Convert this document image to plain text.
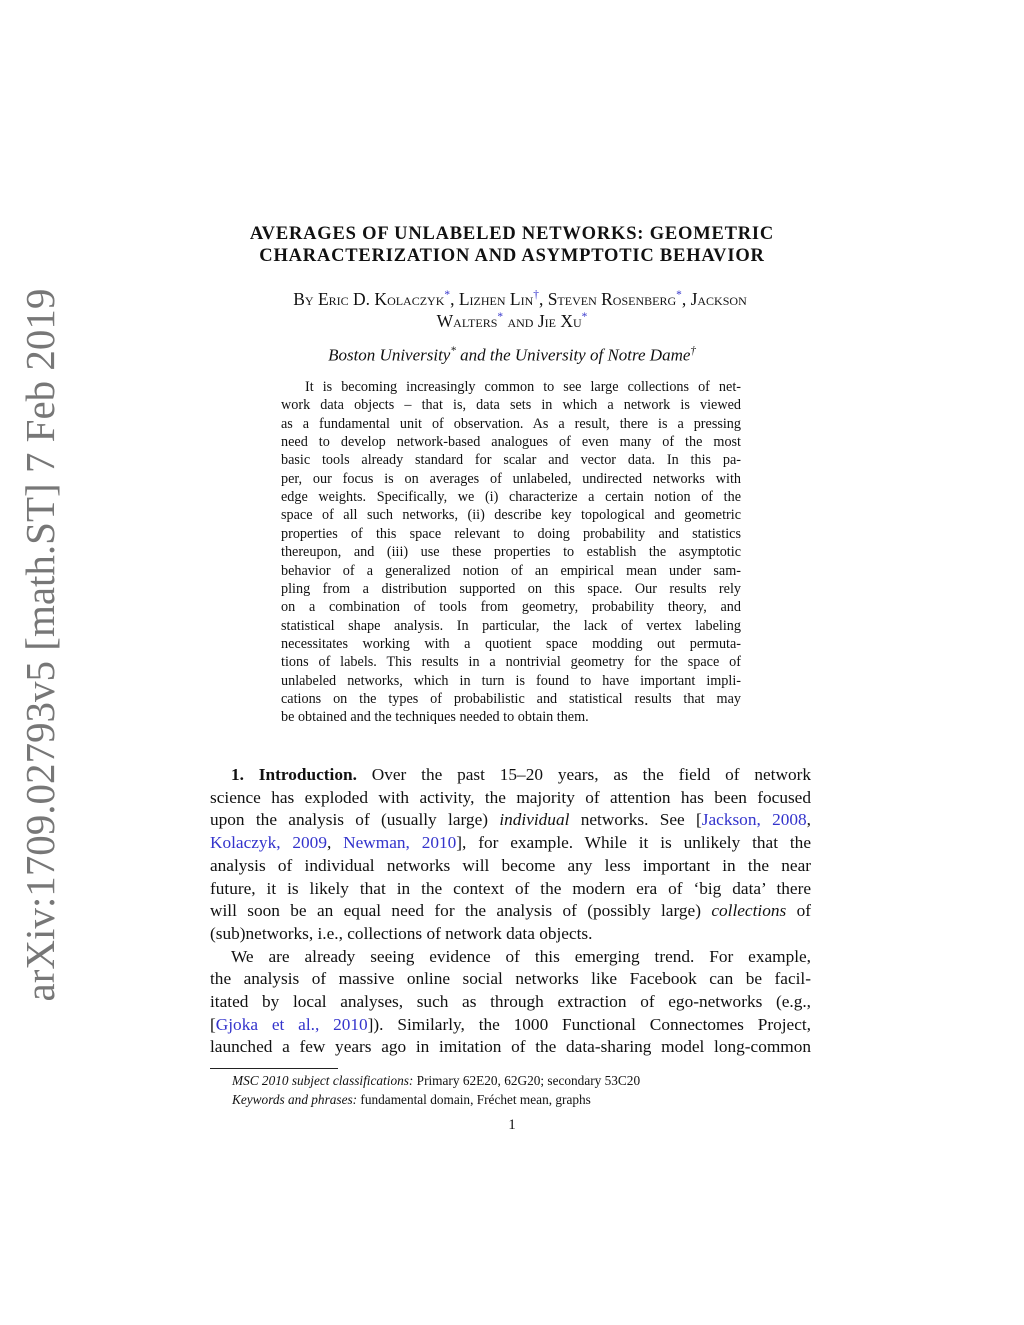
arXiv:1709.02793v5 [math.ST] 7 Feb 2019
AVERAGES OF UNLABELED NETWORKS: GEOMETRIC
CHARACTERIZATION AND ASYMPTOTIC BEHAVIOR
By Eric D. Kolaczyk*, Lizhen Lin†, Steven Rosenberg*, Jackson
Walters* and Jie Xu*
Boston University* and the University of Notre Dame†
It is becoming increasingly common to see large collections of net-
work data objects – that is, data sets in which a network is viewed
as a fundamental unit of observation. As a result, there is a pressing
need to develop network-based analogues of even many of the most
basic tools already standard for scalar and vector data. In this pa-
per, our focus is on averages of unlabeled, undirected networks with
edge weights. Specifically, we (i) characterize a certain notion of the
space of all such networks, (ii) describe key topological and geometric
properties of this space relevant to doing probability and statistics
thereupon, and (iii) use these properties to establish the asymptotic
behavior of a generalized notion of an empirical mean under sam-
pling from a distribution supported on this space. Our results rely
on a combination of tools from geometry, probability theory, and
statistical shape analysis. In particular, the lack of vertex labeling
necessitates working with a quotient space modding out permuta-
tions of labels. This results in a nontrivial geometry for the space of
unlabeled networks, which in turn is found to have important impli-
cations on the types of probabilistic and statistical results that may
be obtained and the techniques needed to obtain them.
1. Introduction. Over the past 15–20 years, as the field of network
science has exploded with activity, the majority of attention has been focused
upon the analysis of (usually large) individual networks. See [Jackson, 2008,
Kolaczyk, 2009, Newman, 2010], for example. While it is unlikely that the
analysis of individual networks will become any less important in the near
future, it is likely that in the context of the modern era of ‘big data’ there
will soon be an equal need for the analysis of (possibly large) collections of
(sub)networks, i.e., collections of network data objects.
We are already seeing evidence of this emerging trend. For example,
the analysis of massive online social networks like Facebook can be facil-
itated by local analyses, such as through extraction of ego-networks (e.g.,
[Gjoka et al., 2010]). Similarly, the 1000 Functional Connectomes Project,
launched a few years ago in imitation of the data-sharing model long-common
MSC 2010 subject classifications: Primary 62E20, 62G20; secondary 53C20
Keywords and phrases: fundamental domain, Fréchet mean, graphs
1
